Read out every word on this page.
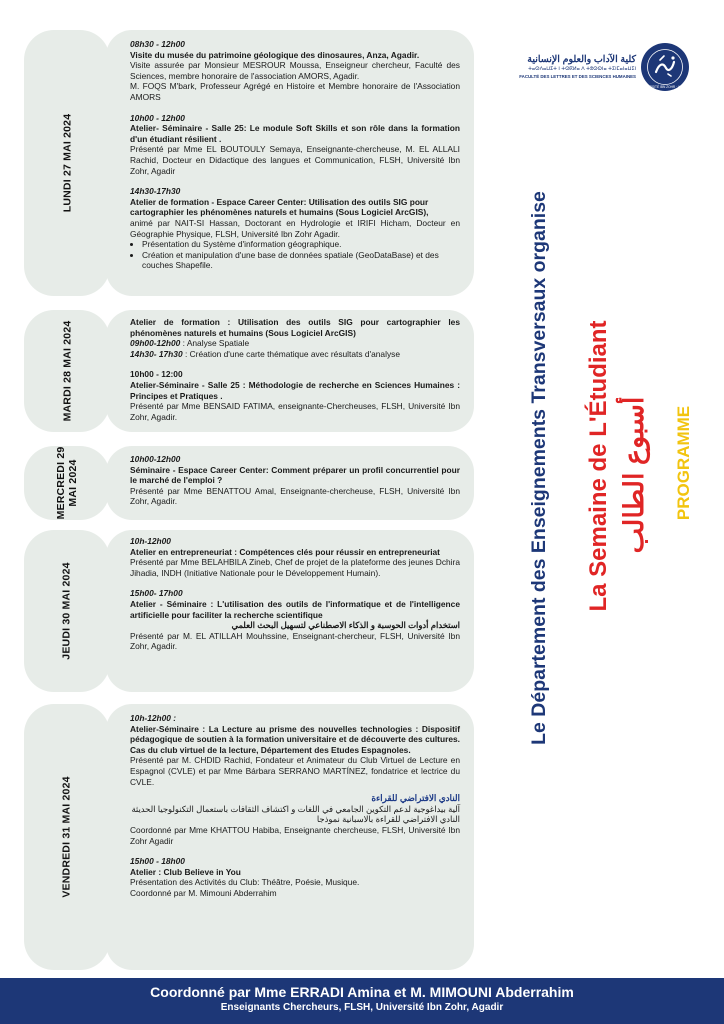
LUNDI 27 MAI 2024
MARDI 28 MAI 2024
MERCREDI 29 MAI 2024
JEUDI 30 MAI 2024
VENDREDI 31 MAI 2024
08h30 - 12h00
Visite du musée du patrimoine géologique des dinosaures, Anza, Agadir.
Visite assurée par Monsieur MESROUR Moussa, Enseigneur chercheur, Faculté des Sciences, membre honoraire de l'association AMORS, Agadir.
M. FOQS M'bark, Professeur Agrégé en Histoire et Membre honoraire de l'Association AMORS
10h00 - 12h00
Atelier- Séminaire - Salle 25: Le module Soft Skills et son rôle dans la formation d'un étudiant résilient .
Présenté par Mme EL BOUTOULY Semaya, Enseignante-chercheuse, M. EL ALLALI Rachid, Docteur en Didactique des langues et Communication, FLSH, Université Ibn Zohr, Agadir
14h30-17h30
Atelier de formation - Espace Career Center: Utilisation des outils SIG pour cartographier les phénomènes naturels et humains (Sous Logiciel ArcGIS),
animé par NAIT-SI Hassan, Doctorant en Hydrologie et IRIFI Hicham, Docteur en Géographie Physique, FLSH, Université Ibn Zohr Agadir.
• Présentation du Système d'information géographique.
• Création et manipulation d'une base de données spatiale (GeoDataBase) et des couches Shapefile.
Atelier de formation : Utilisation des outils SIG pour cartographier les phénomènes naturels et humains (Sous Logiciel ArcGIS)
09h00-12h00 : Analyse Spatiale
14h30- 17h30 : Création d'une carte thématique avec résultats d'analyse
10h00 - 12:00
Atelier-Séminaire - Salle 25 : Méthodologie de recherche en Sciences Humaines : Principes et Pratiques .
Présenté par Mme BENSAID FATIMA, enseignante-Chercheuses, FLSH, Université Ibn Zohr, Agadir.
10h00-12h00
Séminaire - Espace Career Center: Comment préparer un profil concurrentiel pour le marché de l'emploi ?
Présenté par Mme BENATTOU Amal, Enseignante-chercheuse, FLSH, Université Ibn Zohr, Agadir.
10h-12h00
Atelier en entrepreneuriat : Compétences clés pour réussir en entrepreneuriat
Présenté par Mme BELAHBILA Zineb, Chef de projet de la plateforme des jeunes Dchira Jihadia, INDH (Initiative Nationale pour le Développement Humain).
15h00- 17h00
Atelier - Séminaire : L'utilisation des outils de l'informatique et de l'intelligence artificielle pour faciliter la recherche scientifique
استخدام أدوات الحوسبة و الذكاء الاصطناعي لتسهيل البحث العلمي
Présenté par M. EL ATILLAH Mouhssine, Enseignant-chercheur, FLSH, Université Ibn Zohr, Agadir.
10h-12h00 :
Atelier-Séminaire : La Lecture au prisme des nouvelles technologies : Dispositif pédagogique de soutien à la formation universitaire et de découverte des cultures. Cas du club virtuel de la lecture, Département des Etudes Espagnoles.
Présenté par M. CHDID Rachid, Fondateur et Animateur du Club Virtuel de Lecture en Espagnol (CVLE) et par Mme Bárbara SERRANO MARTÍNEZ, fondatrice et lectrice du CVLE.
النادي الافتراضي للقراءة
آلية بيداغوجية لدعم التكوين الجامعي في اللغات و اكتشاف الثقافات باستعمال التكنولوجيا الحديثة
النادي الافتراضي للقراءة بالاسبانية نموذجا
Coordonné par Mme KHATTOU Habiba, Enseignante chercheuse, FLSH, Université Ibn Zohr Agadir
15h00 - 18h00
Atelier : Club Believe in You
Présentation des Activités du Club: Théâtre, Poésie, Musique.
Coordonné par M. Mimouni Abderrahim
كلية الآداب والعلوم الإنسانية
ⵜⴰⵙⴷⴰⵡⵉⵜ ⵏ ⵜⵙⴽⵍⴰ ⴷ ⵜⵓⵙⵙⵏⴰ ⵜⵉⵏⵎⴰⵏⴰⵡⵉⵏ
FACULTÉ DES LETTRES ET DES SCIENCES HUMAINES
UNIVERSITÉ IBN ZOHR · AGADIR
Le Département des Enseignements Transversaux organise La Semaine de L'Étudiant أسبوع الطالب PROGRAMME
Coordonné par Mme ERRADI Amina et M. MIMOUNI Abderrahim
Enseignants Chercheurs, FLSH, Université Ibn Zohr, Agadir
